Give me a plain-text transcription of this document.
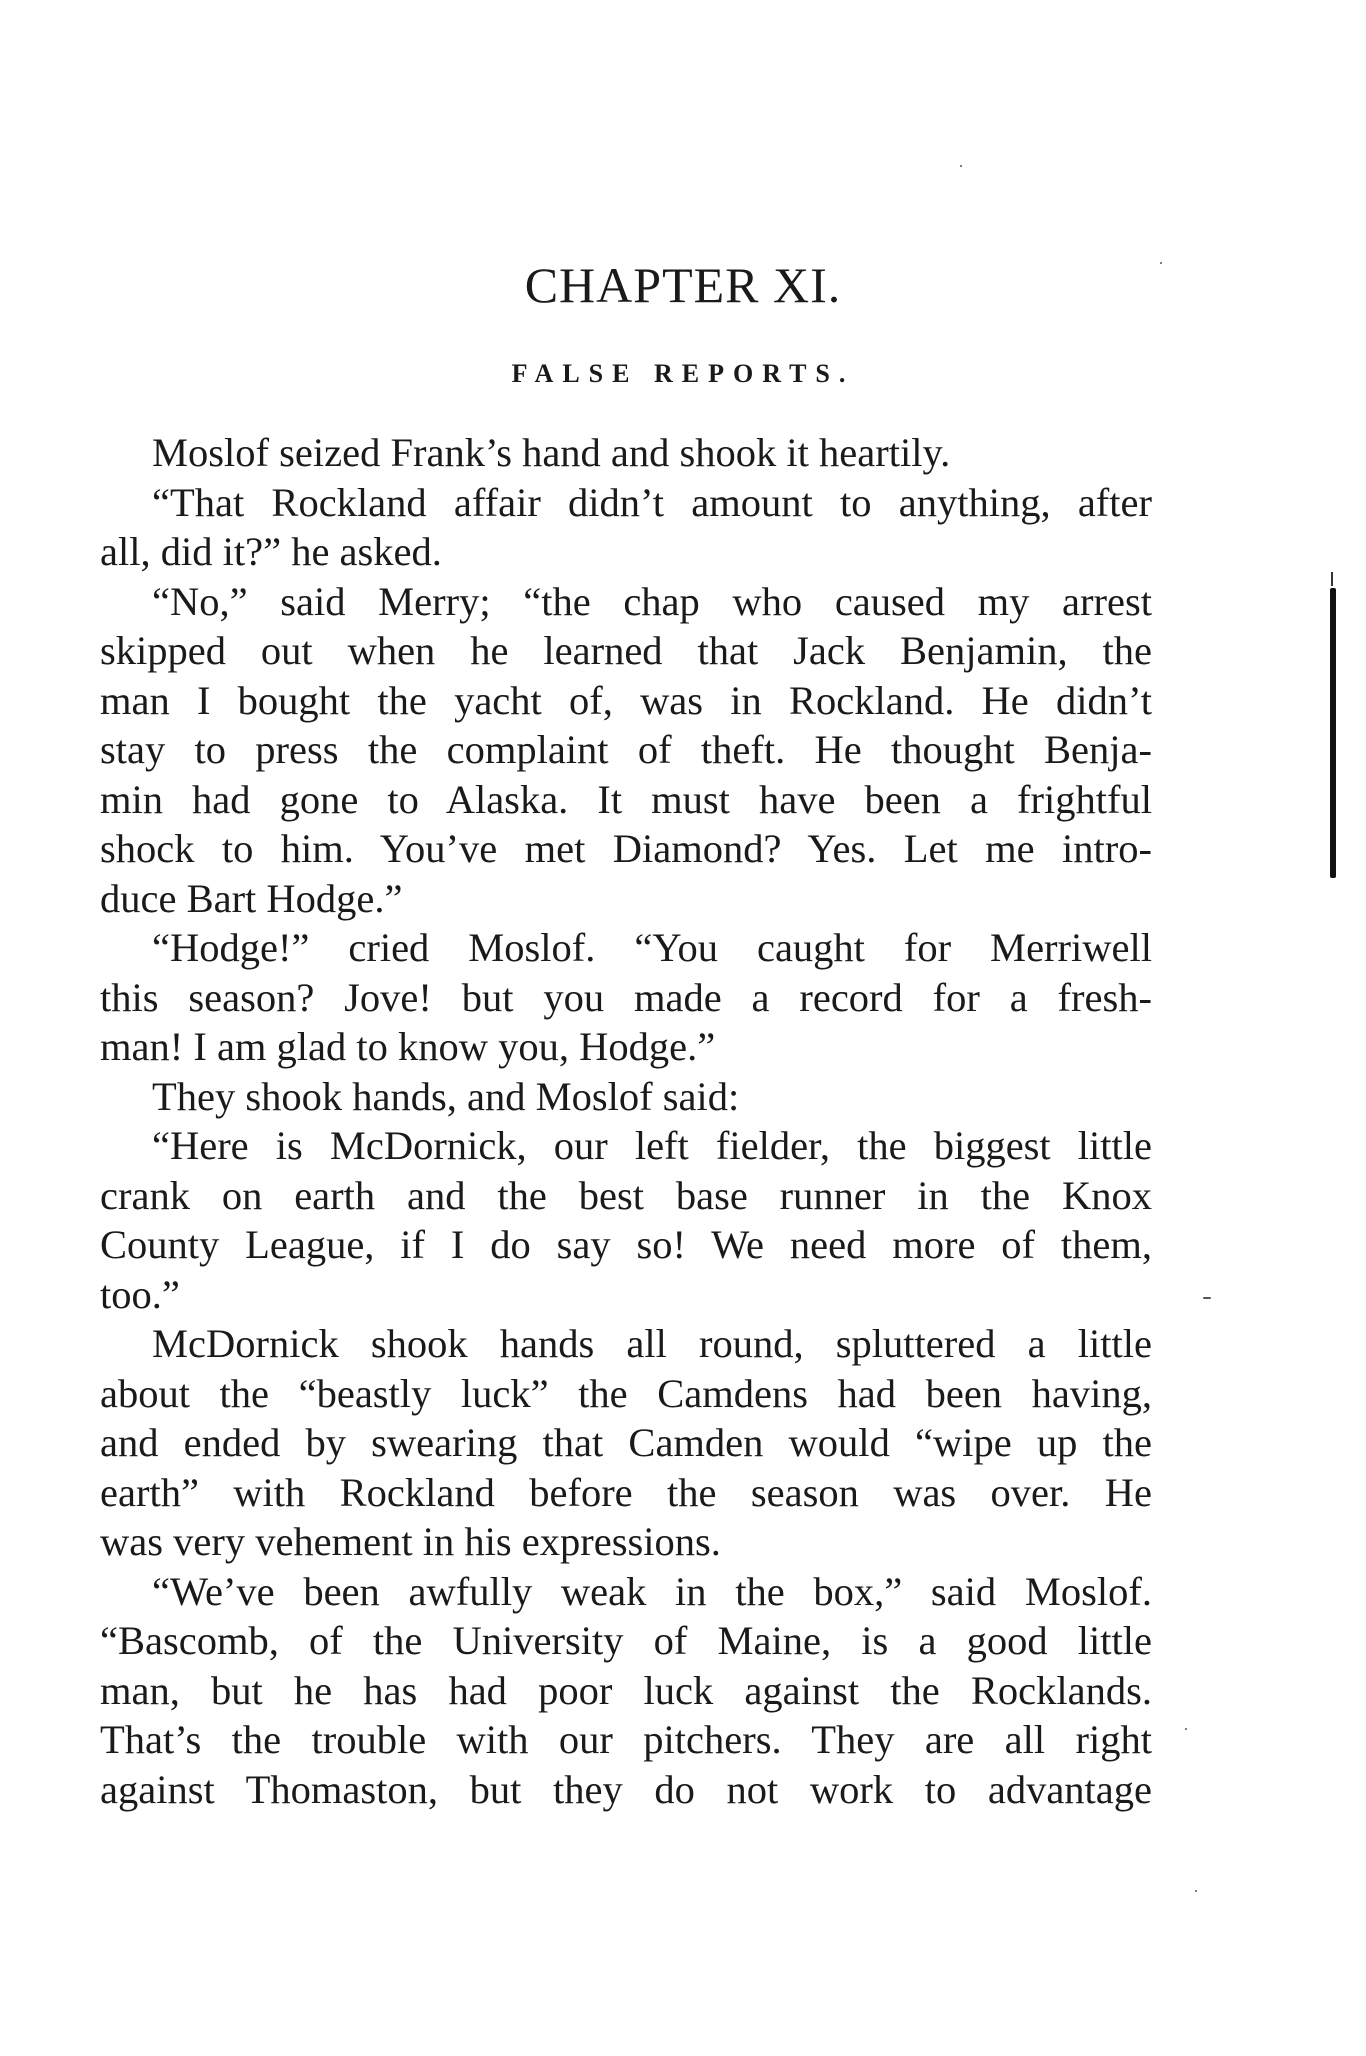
CHAPTER XI.
FALSE REPORTS.
Moslof seized Frank’s hand and shook it heartily.
“That Rockland affair didn’t amount to anything, after
all, did it?” he asked.
“No,” said Merry; “the chap who caused my arrest
skipped out when he learned that Jack Benjamin, the
man I bought the yacht of, was in Rockland. He didn’t
stay to press the complaint of theft. He thought Benja-
min had gone to Alaska. It must have been a frightful
shock to him. You’ve met Diamond? Yes. Let me intro-
duce Bart Hodge.”
“Hodge!” cried Moslof. “You caught for Merriwell
this season? Jove! but you made a record for a fresh-
man! I am glad to know you, Hodge.”
They shook hands, and Moslof said:
“Here is McDornick, our left fielder, the biggest little
crank on earth and the best base runner in the Knox
County League, if I do say so! We need more of them,
too.”
McDornick shook hands all round, spluttered a little
about the “beastly luck” the Camdens had been having,
and ended by swearing that Camden would “wipe up the
earth” with Rockland before the season was over. He
was very vehement in his expressions.
“We’ve been awfully weak in the box,” said Moslof.
“Bascomb, of the University of Maine, is a good little
man, but he has had poor luck against the Rocklands.
That’s the trouble with our pitchers. They are all right
against Thomaston, but they do not work to advantage
